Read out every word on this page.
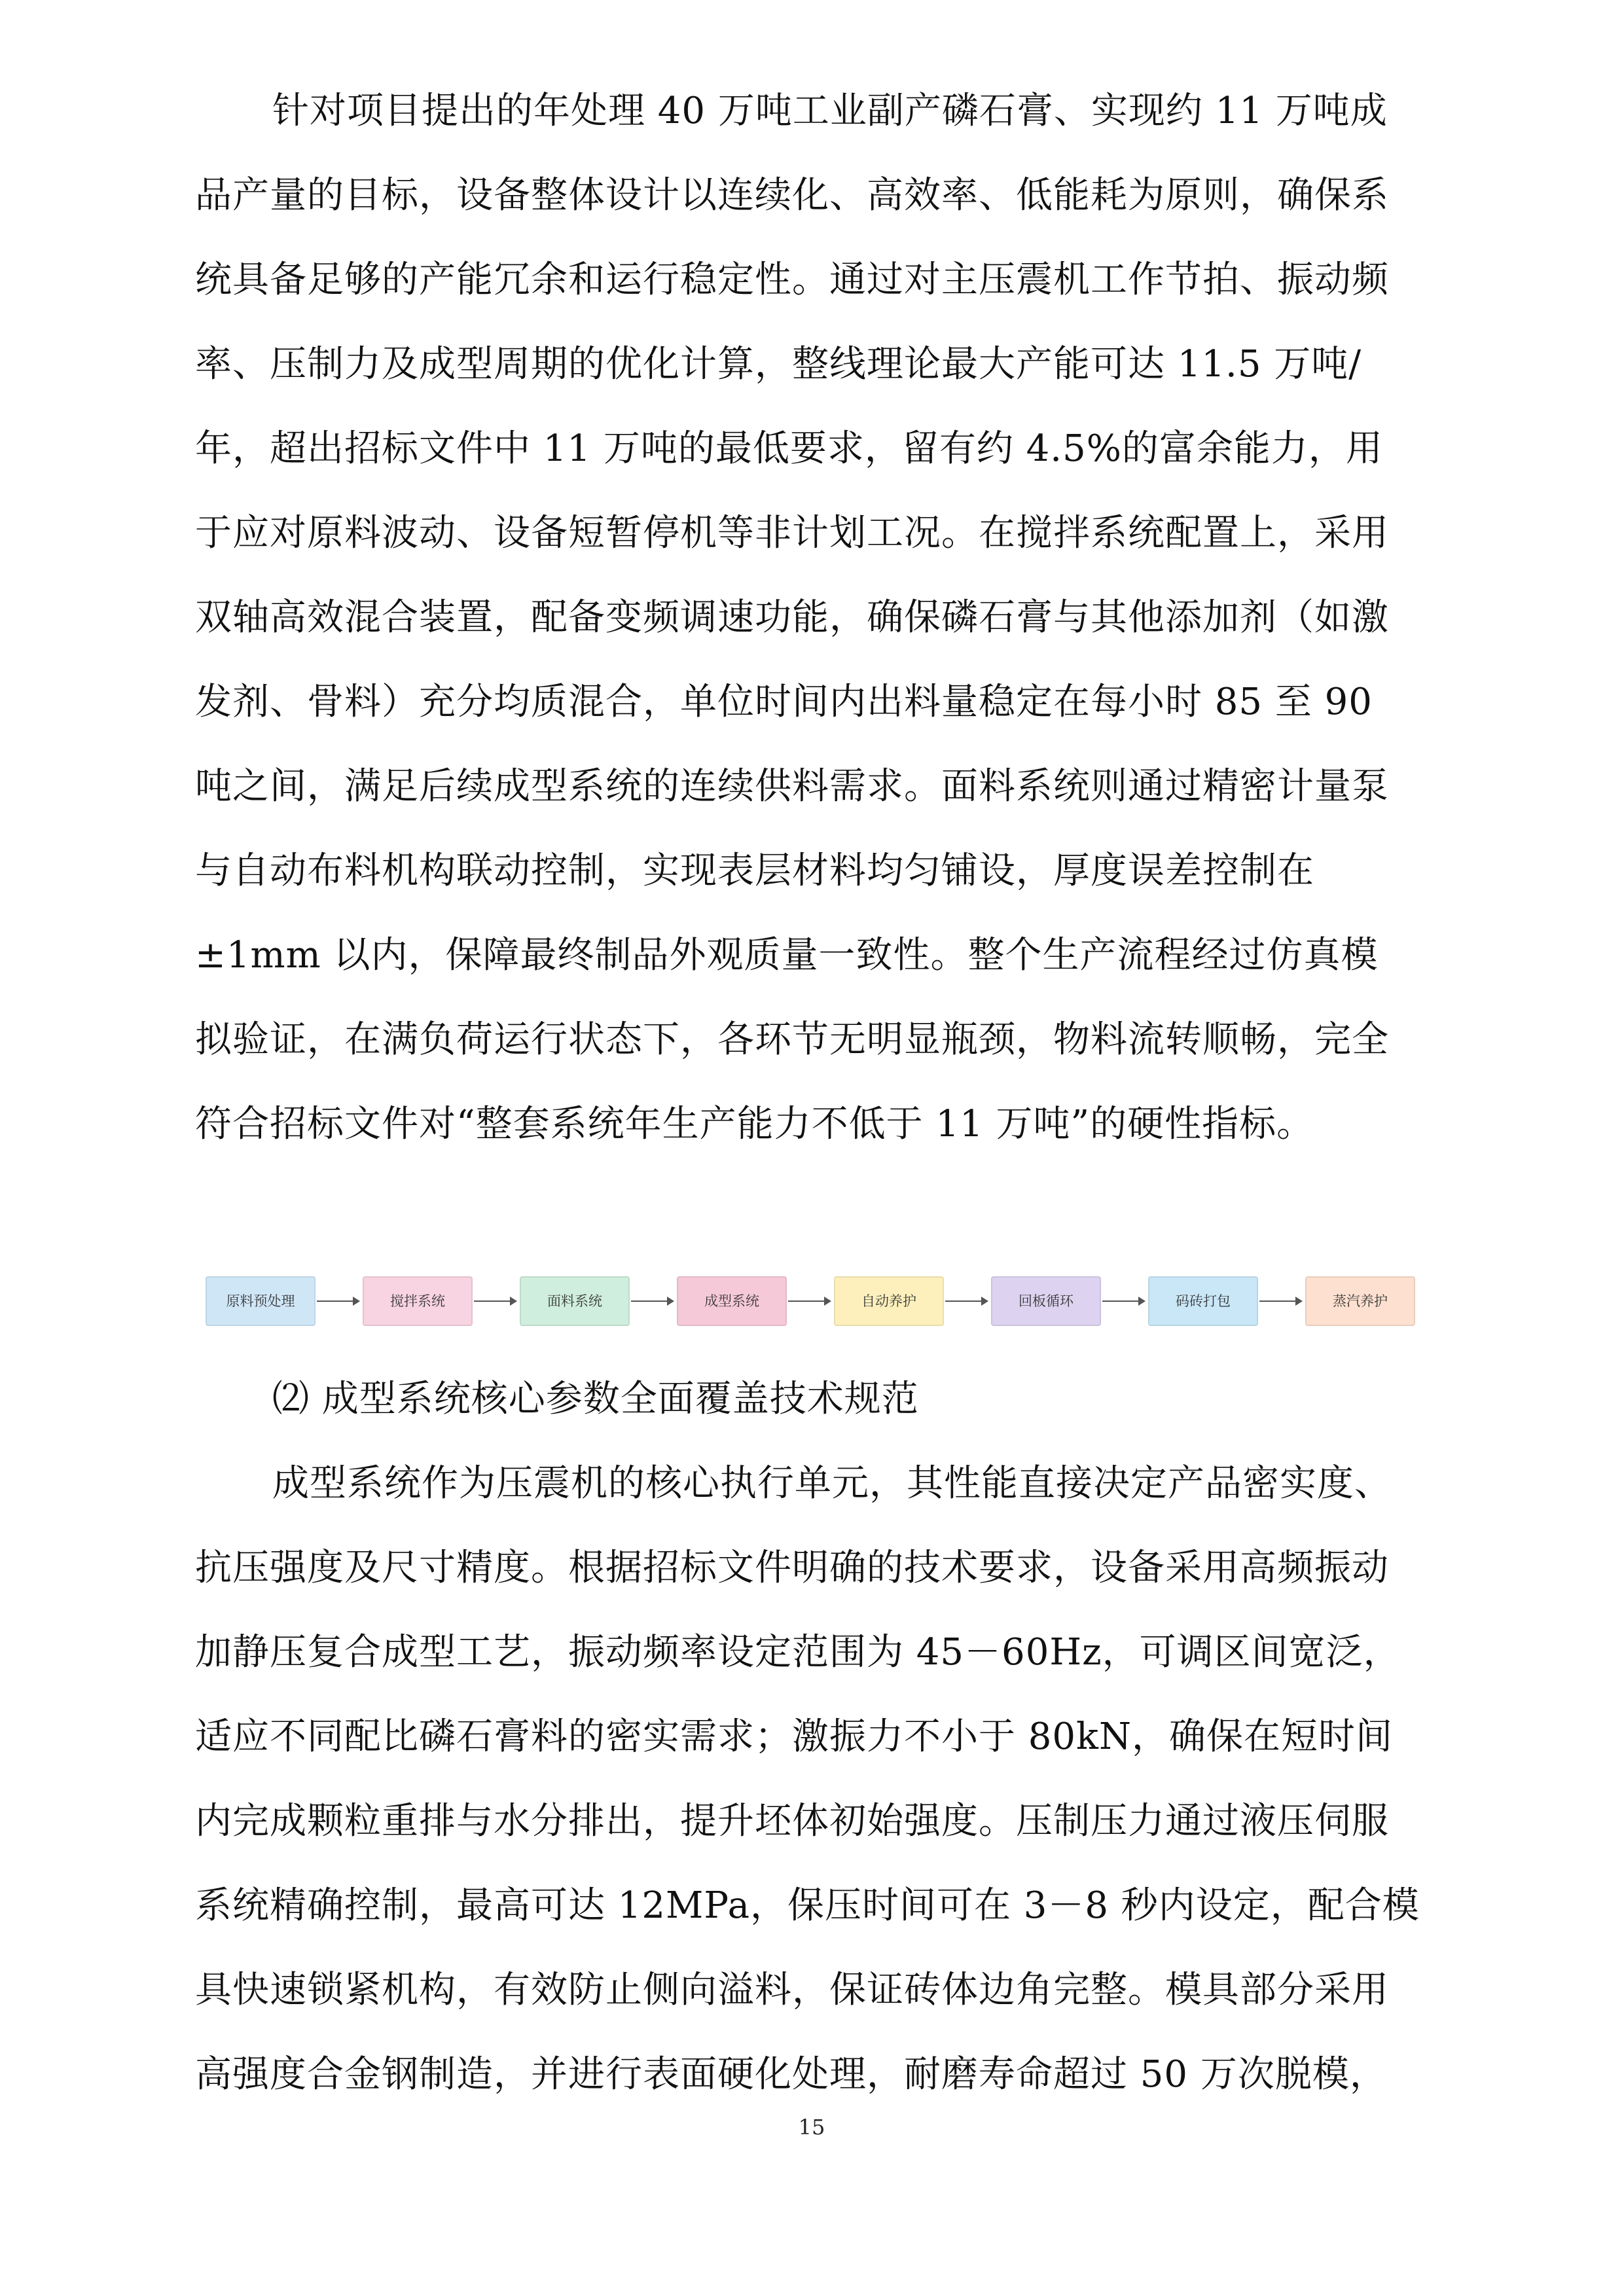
针对项目提出的年处理 40 万吨工业副产磷石膏、实现约 11 万吨成
品产量的目标，设备整体设计以连续化、高效率、低能耗为原则，确保系
统具备足够的产能冗余和运行稳定性。通过对主压震机工作节拍、振动频
率、压制力及成型周期的优化计算，整线理论最大产能可达 11.5 万吨/
年，超出招标文件中 11 万吨的最低要求，留有约 4.5%的富余能力，用
于应对原料波动、设备短暂停机等非计划工况。在搅拌系统配置上，采用
双轴高效混合装置，配备变频调速功能，确保磷石膏与其他添加剂（如激
发剂、骨料）充分均质混合，单位时间内出料量稳定在每小时 85 至 90
吨之间，满足后续成型系统的连续供料需求。面料系统则通过精密计量泵
与自动布料机构联动控制，实现表层材料均匀铺设，厚度误差控制在
±1mm 以内，保障最终制品外观质量一致性。整个生产流程经过仿真模
拟验证，在满负荷运行状态下，各环节无明显瓶颈，物料流转顺畅，完全
符合招标文件对“整套系统年生产能力不低于 11 万吨”的硬性指标。
原料预处理	搅拌系统	面料系统	成型系统	自动养护	回板循环	码砖打包	蒸汽养护
⑵ 成型系统核心参数全面覆盖技术规范
成型系统作为压震机的核心执行单元，其性能直接决定产品密实度、
抗压强度及尺寸精度。根据招标文件明确的技术要求，设备采用高频振动
加静压复合成型工艺，振动频率设定范围为 45－60Hz，可调区间宽泛，
适应不同配比磷石膏料的密实需求；激振力不小于 80kN，确保在短时间
内完成颗粒重排与水分排出，提升坯体初始强度。压制压力通过液压伺服
系统精确控制，最高可达 12MPa，保压时间可在 3－8 秒内设定，配合模
具快速锁紧机构，有效防止侧向溢料，保证砖体边角完整。模具部分采用
高强度合金钢制造，并进行表面硬化处理，耐磨寿命超过 50 万次脱模，
15
